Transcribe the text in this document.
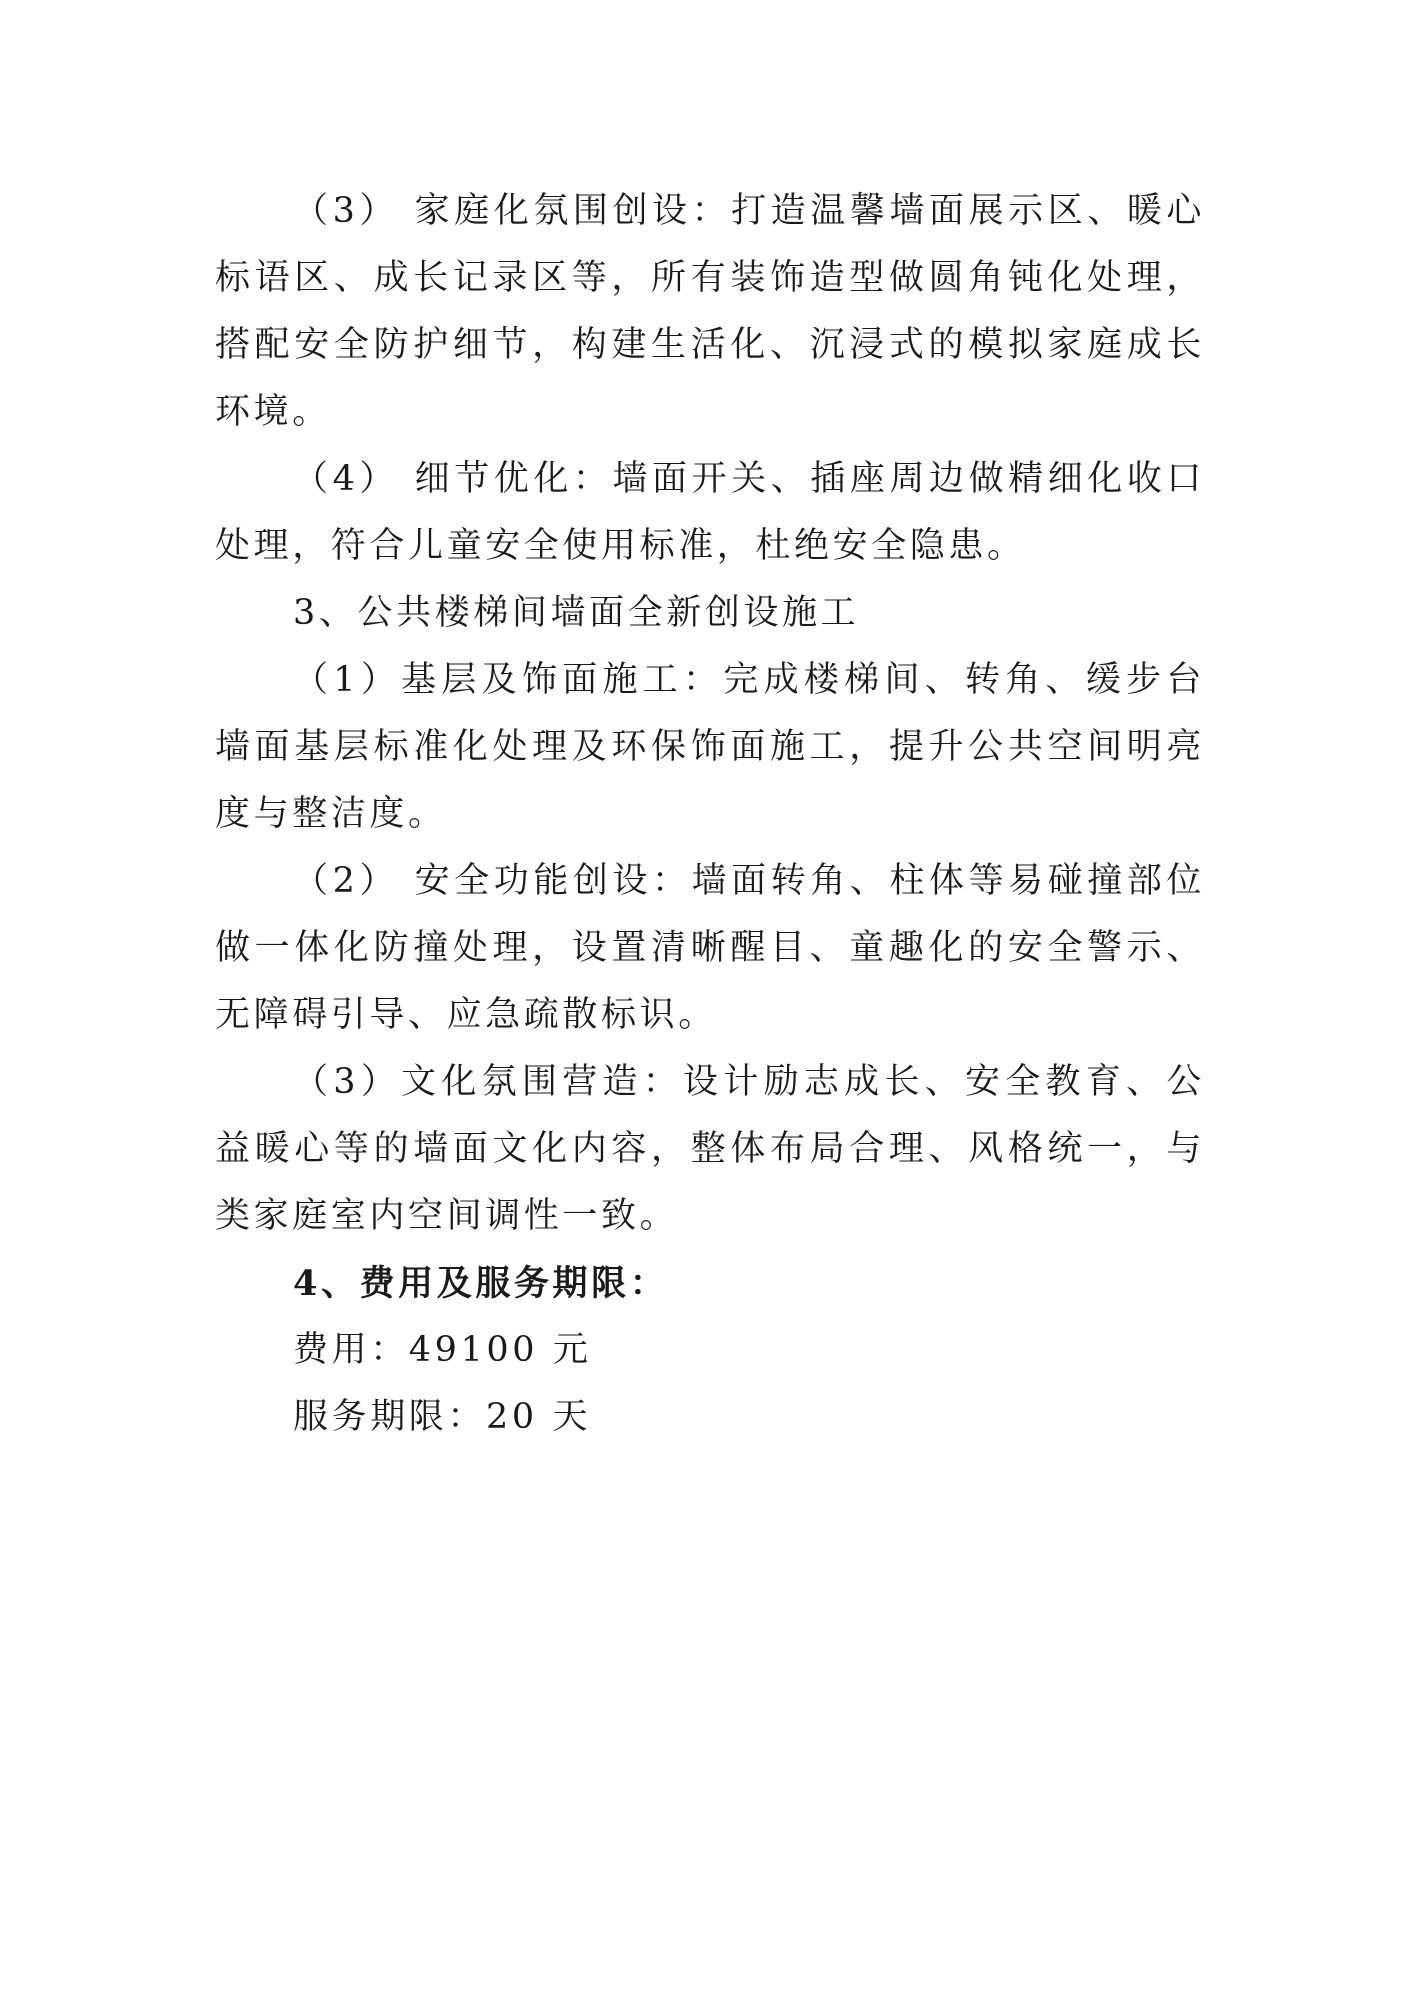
（3） 家庭化氛围创设：打造温馨墙面展示区、暖心标语区、成长记录区等，所有装饰造型做圆角钝化处理，搭配安全防护细节，构建生活化、沉浸式的模拟家庭成长环境。

（4） 细节优化：墙面开关、插座周边做精细化收口处理，符合儿童安全使用标准，杜绝安全隐患。

3、公共楼梯间墙面全新创设施工

（1）基层及饰面施工：完成楼梯间、转角、缓步台墙面基层标准化处理及环保饰面施工，提升公共空间明亮度与整洁度。

（2） 安全功能创设：墙面转角、柱体等易碰撞部位做一体化防撞处理，设置清晰醒目、童趣化的安全警示、无障碍引导、应急疏散标识。

（3）文化氛围营造：设计励志成长、安全教育、公益暖心等的墙面文化内容，整体布局合理、风格统一，与类家庭室内空间调性一致。

4、费用及服务期限：

费用：49100 元

服务期限：20 天
